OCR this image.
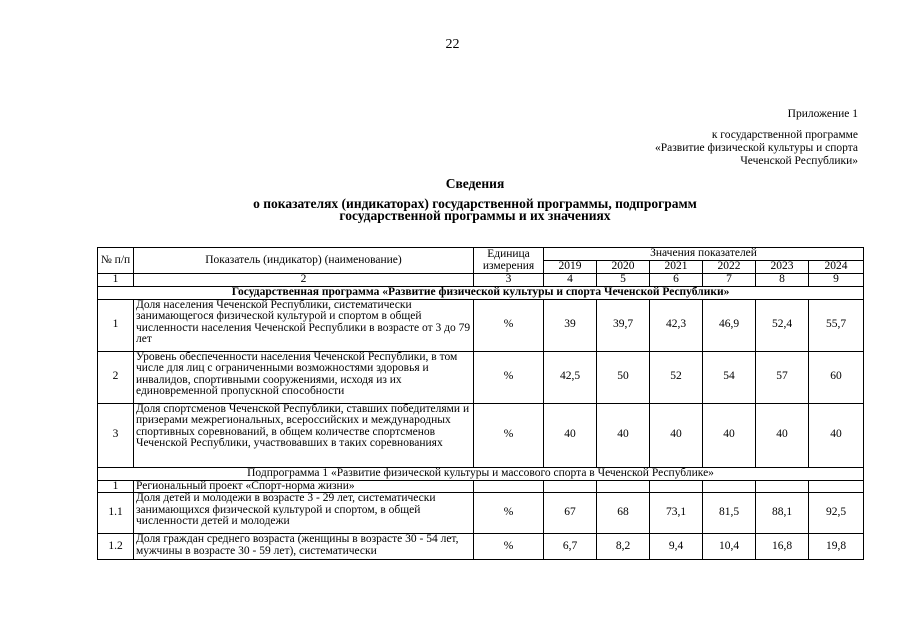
22
Приложение 1
к государственной программе
«Развитие физической культуры и спорта
Чеченской Республики»
Сведения
о показателях (индикаторах) государственной программы, подпрограмм
государственной программы и их значениях
№ п/п	Показатель (индикатор) (наименование)	Единица измерения	Значения показателей					
			2019	2020	2021	2022	2023	2024
1	2	3	4	5	6	7	8	9
Государственная программа «Развитие физической культуры и спорта Чеченской Республики»								
1	Доля населения Чеченской Республики, систематически занимающегося физической культурой и спортом в общей численности населения Чеченской Республики в возрасте от 3 до 79 лет	%	39	39,7	42,3	46,9	52,4	55,7
2	Уровень обеспеченности населения Чеченской Республики, в том числе для лиц с ограниченными возможностями здоровья и инвалидов, спортивными сооружениями, исходя из их единовременной пропускной способности	%	42,5	50	52	54	57	60
3	Доля спортсменов Чеченской Республики, ставших победителями и призерами межрегиональных, всероссийских и международных спортивных соревнований, в общем количестве спортсменов Чеченской Республики, участвовавших в таких соревнованиях	%	40	40	40	40	40	40
Подпрограмма 1 «Развитие физической культуры и массового спорта в Чеченской Республике»								
1	Региональный проект «Спорт-норма жизни»							
1.1	Доля детей и молодежи в возрасте 3 - 29 лет, систематически занимающихся физической культурой и спортом, в общей численности детей и молодежи	%	67	68	73,1	81,5	88,1	92,5
1.2	Доля граждан среднего возраста (женщины в возрасте 30 - 54 лет, мужчины в возрасте 30 - 59 лет), систематически	%	6,7	8,2	9,4	10,4	16,8	19,8
